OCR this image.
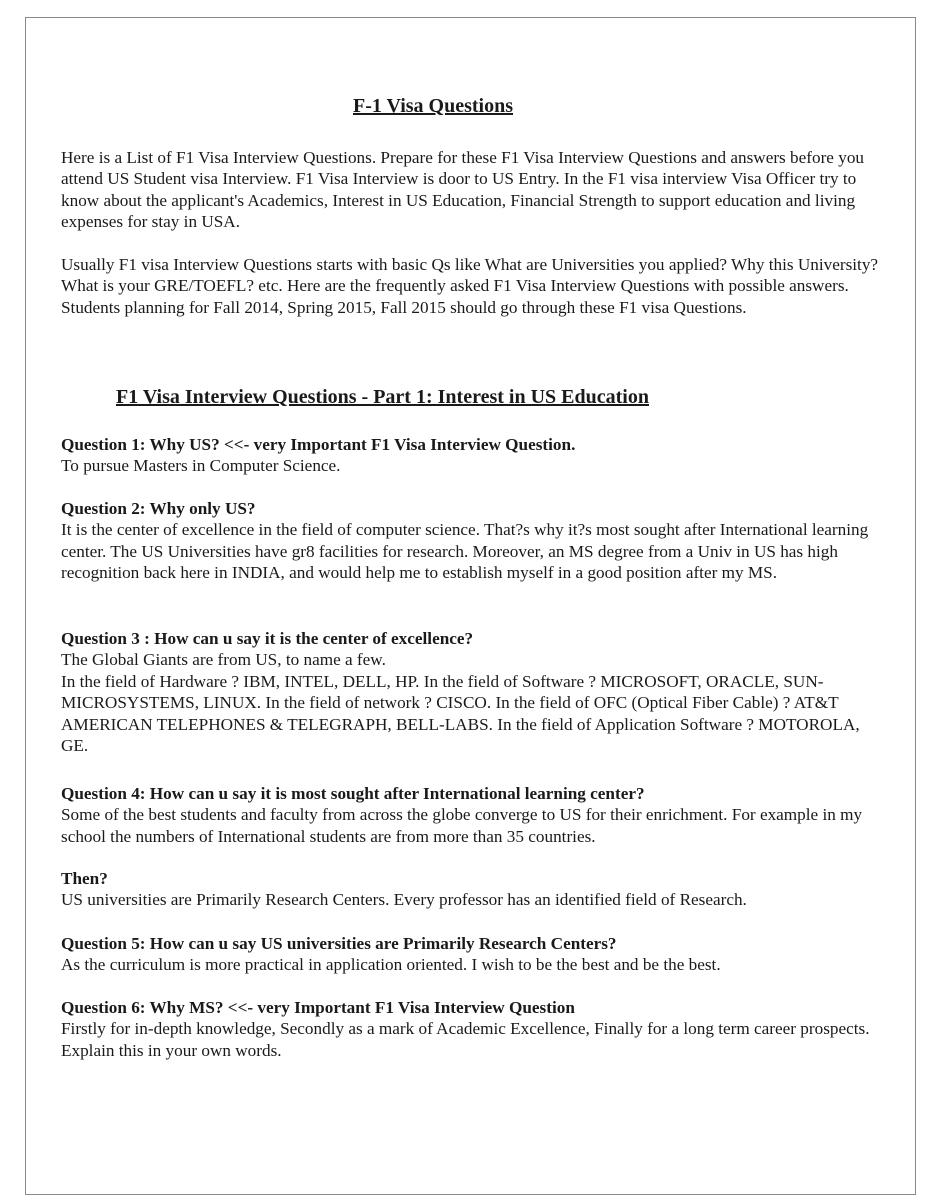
F-1 Visa Questions

Here is a List of F1 Visa Interview Questions. Prepare for these F1 Visa Interview Questions and answers before you attend US Student visa Interview. F1 Visa Interview is door to US Entry. In the F1 visa interview Visa Officer try to know about the applicant's Academics, Interest in US Education, Financial Strength to support education and living expenses for stay in USA.

Usually F1 visa Interview Questions starts with basic Qs like What are Universities you applied? Why this University? What is your GRE/TOEFL? etc. Here are the frequently asked F1 Visa Interview Questions with possible answers. Students planning for Fall 2014, Spring 2015, Fall 2015 should go through these F1 visa Questions.

F1 Visa Interview Questions - Part 1: Interest in US Education

Question 1: Why US? <<- very Important F1 Visa Interview Question.

To pursue Masters in Computer Science.

Question 2: Why only US?

It is the center of excellence in the field of computer science. That?s why it?s most sought after International learning center. The US Universities have gr8 facilities for research. Moreover, an MS degree from a Univ in US has high recognition back here in INDIA, and would help me to establish myself in a good position after my MS.

Question 3 : How can u say it is the center of excellence?

The Global Giants are from US, to name a few.

In the field of Hardware ? IBM, INTEL, DELL, HP. In the field of Software ? MICROSOFT, ORACLE, SUN-MICROSYSTEMS, LINUX. In the field of network ? CISCO. In the field of OFC (Optical Fiber Cable) ? AT&T AMERICAN TELEPHONES & TELEGRAPH, BELL-LABS. In the field of Application Software ? MOTOROLA, GE.

Question 4: How can u say it is most sought after International learning center?

Some of the best students and faculty from across the globe converge to US for their enrichment. For example in my school the numbers of International students are from more than 35 countries.

Then?

US universities are Primarily Research Centers. Every professor has an identified field of Research.

Question 5: How can u say US universities are Primarily Research Centers?

As the curriculum is more practical in application oriented. I wish to be the best and be the best.

Question 6: Why MS? <<- very Important F1 Visa Interview Question

Firstly for in-depth knowledge, Secondly as a mark of Academic Excellence, Finally for a long term career prospects. Explain this in your own words.
